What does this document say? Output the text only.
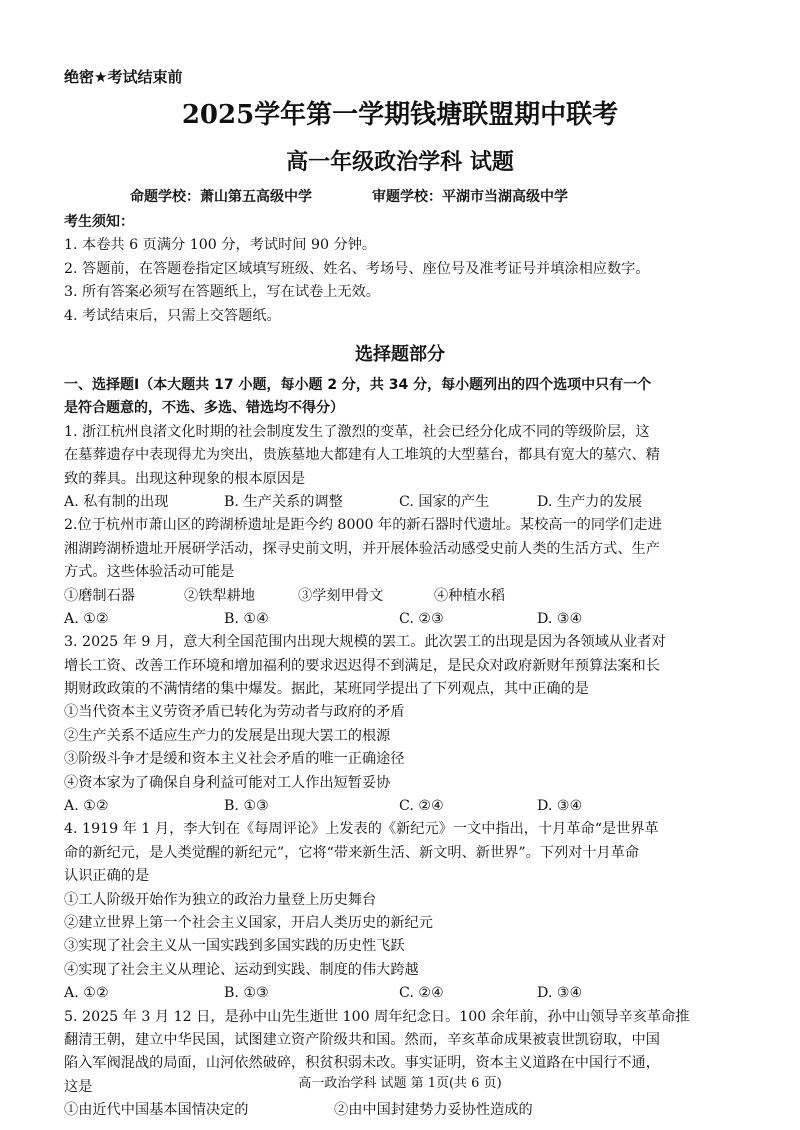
绝密★考试结束前
2025学年第一学期钱塘联盟期中联考
高一年级政治学科 试题
命题学校：萧山第五高级中学	审题学校：平湖市当湖高级中学
考生须知：
1. 本卷共 6 页满分 100 分，考试时间 90 分钟。
2. 答题前，在答题卷指定区域填写班级、姓名、考场号、座位号及准考证号并填涂相应数字。
3. 所有答案必须写在答题纸上，写在试卷上无效。
4. 考试结束后，只需上交答题纸。
选择题部分
一、选择题Ⅰ（本大题共 17 小题，每小题 2 分，共 34 分，每小题列出的四个选项中只有一个
是符合题意的，不选、多选、错选均不得分）
1. 浙江杭州良渚文化时期的社会制度发生了激烈的变革，社会已经分化成不同的等级阶层，这
在墓葬遗存中表现得尤为突出，贵族墓地大都建有人工堆筑的大型墓台，都具有宽大的墓穴、精
致的葬具。出现这种现象的根本原因是
A. 私有制的出现	B. 生产关系的调整	C. 国家的产生	D. 生产力的发展
2.位于杭州市萧山区的跨湖桥遗址是距今约 8000 年的新石器时代遗址。某校高一的同学们走进
湘湖跨湖桥遗址开展研学活动，探寻史前文明，并开展体验活动感受史前人类的生活方式、生产
方式。这些体验活动可能是
①磨制石器	②铁犁耕地	③学刻甲骨文	④种植水稻
A. ①②	B. ①④	C. ②③	D. ③④
3. 2025 年 9 月，意大利全国范围内出现大规模的罢工。此次罢工的出现是因为各领域从业者对
增长工资、改善工作环境和增加福利的要求迟迟得不到满足，是民众对政府新财年预算法案和长
期财政政策的不满情绪的集中爆发。据此，某班同学提出了下列观点，其中正确的是
①当代资本主义劳资矛盾已转化为劳动者与政府的矛盾
②生产关系不适应生产力的发展是出现大罢工的根源
③阶级斗争才是缓和资本主义社会矛盾的唯一正确途径
④资本家为了确保自身利益可能对工人作出短暂妥协
A. ①②	B. ①③	C. ②④	D. ③④
4. 1919 年 1 月，李大钊在《每周评论》上发表的《新纪元》一文中指出，十月革命“是世界革
命的新纪元，是人类觉醒的新纪元”，它将“带来新生活、新文明、新世界”。下列对十月革命
认识正确的是
①工人阶级开始作为独立的政治力量登上历史舞台
②建立世界上第一个社会主义国家，开启人类历史的新纪元
③实现了社会主义从一国实践到多国实践的历史性飞跃
④实现了社会主义从理论、运动到实践、制度的伟大跨越
A. ①②	B. ①③	C. ②④	D. ③④
5. 2025 年 3 月 12 日，是孙中山先生逝世 100 周年纪念日。100 余年前，孙中山领导辛亥革命推
翻清王朝，建立中华民国，试图建立资产阶级共和国。然而，辛亥革命成果被袁世凯窃取，中国
陷入军阀混战的局面，山河依然破碎，积贫积弱未改。事实证明，资本主义道路在中国行不通，
这是
①由近代中国基本国情决定的	②由中国封建势力妥协性造成的
高一政治学科 试题 第 1页(共 6 页)
